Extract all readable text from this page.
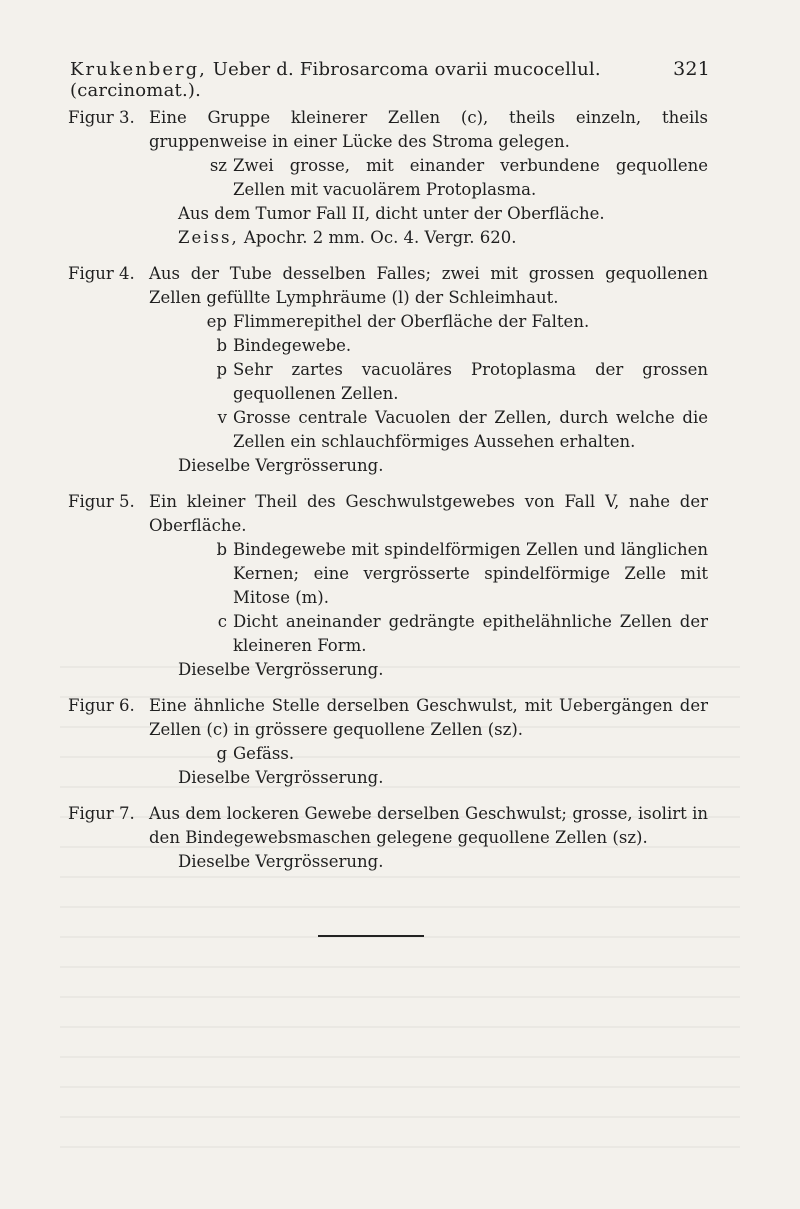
Krukenberg, Ueber d. Fibrosarcoma ovarii mucocellul. (carcinomat.).
321
Figur 3. Eine Gruppe kleinerer Zellen (c), theils einzeln, theils gruppenweise in einer Lücke des Stroma gelegen.
sz Zwei grosse, mit einander verbundene gequollene Zellen mit vacuolärem Protoplasma.
Aus dem Tumor Fall II, dicht unter der Oberfläche.
Zeiss, Apochr. 2 mm. Oc. 4. Vergr. 620.
Figur 4. Aus der Tube desselben Falles; zwei mit grossen gequollenen Zellen gefüllte Lymphräume (l) der Schleimhaut.
ep Flimmerepithel der Oberfläche der Falten.
b Bindegewebe.
p Sehr zartes vacuoläres Protoplasma der grossen gequollenen Zellen.
v Grosse centrale Vacuolen der Zellen, durch welche die Zellen ein schlauchförmiges Aussehen erhalten.
Dieselbe Vergrösserung.
Figur 5. Ein kleiner Theil des Geschwulstgewebes von Fall V, nahe der Oberfläche.
b Bindegewebe mit spindelförmigen Zellen und länglichen Kernen; eine vergrösserte spindelförmige Zelle mit Mitose (m).
c Dicht aneinander gedrängte epithelähnliche Zellen der kleineren Form.
Dieselbe Vergrösserung.
Figur 6. Eine ähnliche Stelle derselben Geschwulst, mit Uebergängen der Zellen (c) in grössere gequollene Zellen (sz).
g Gefäss.
Dieselbe Vergrösserung.
Figur 7. Aus dem lockeren Gewebe derselben Geschwulst; grosse, isolirt in den Bindegewebsmaschen gelegene gequollene Zellen (sz).
Dieselbe Vergrösserung.
